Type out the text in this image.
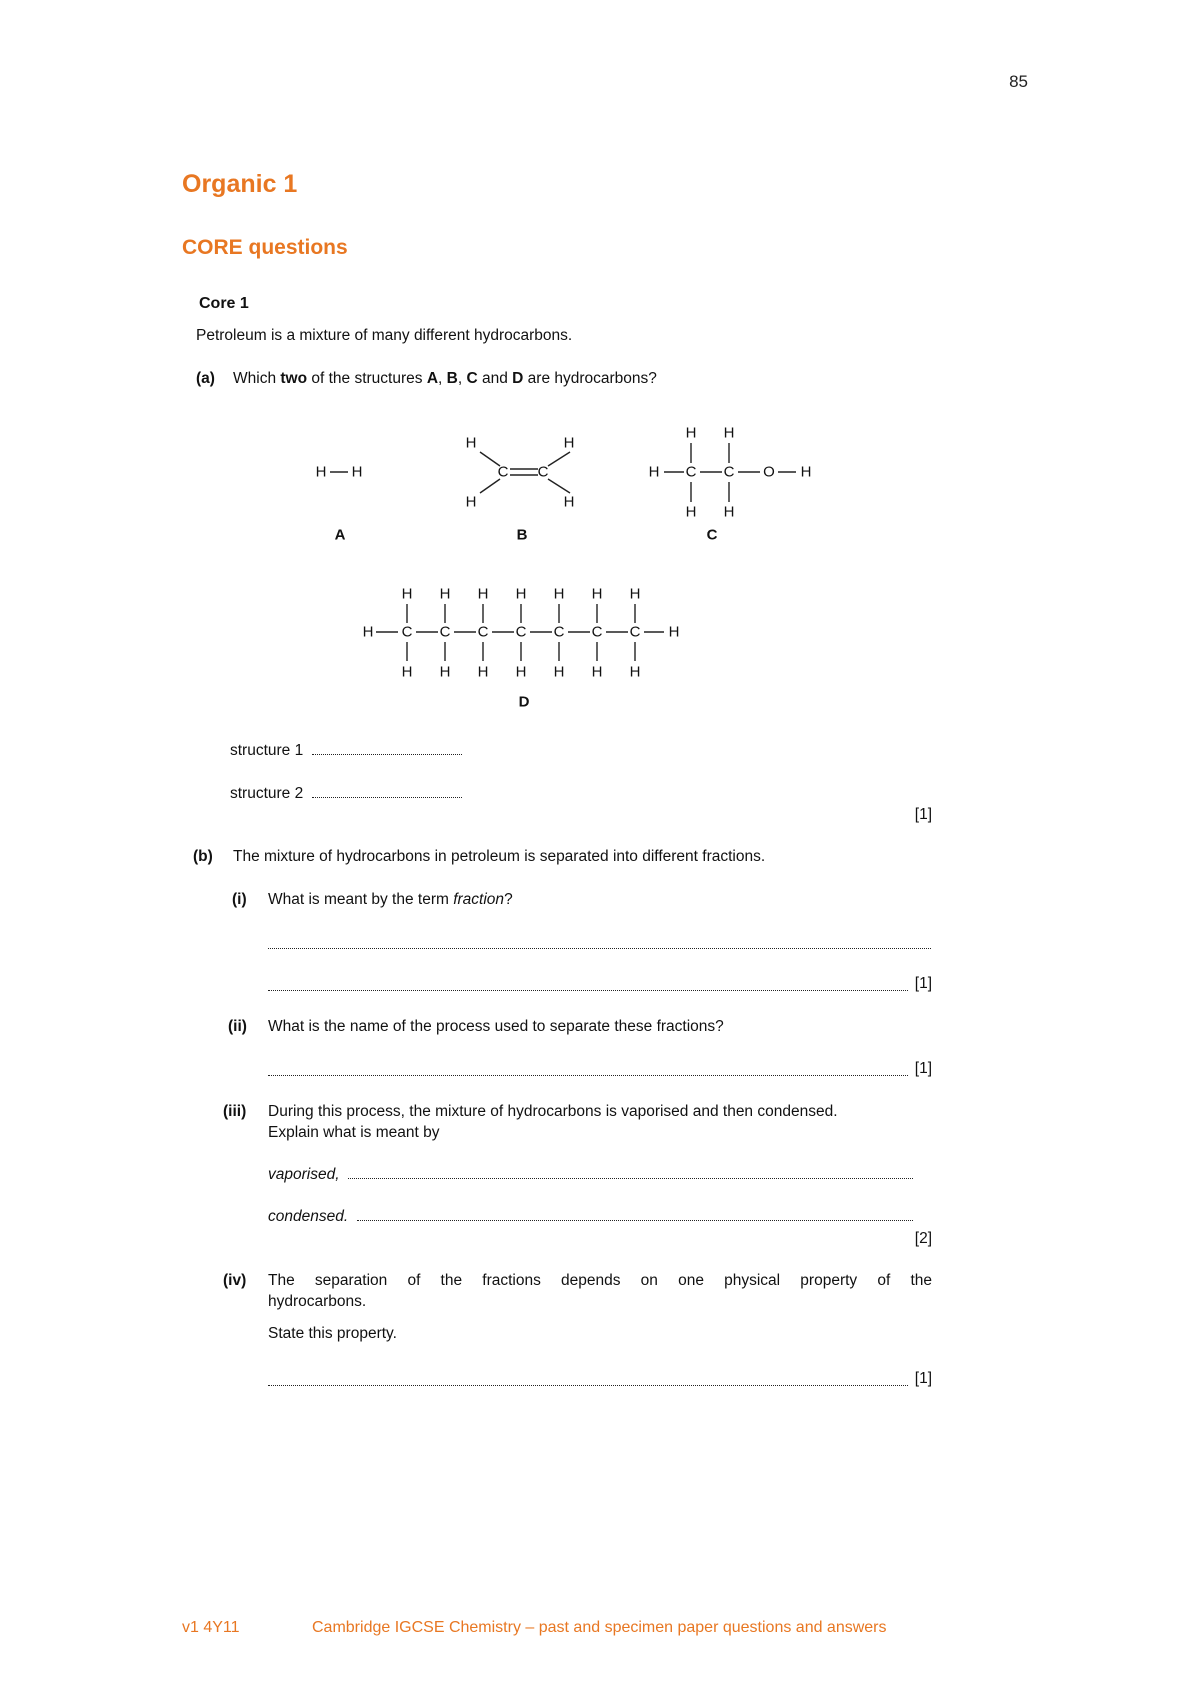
85
Organic 1
CORE questions
Core 1
Petroleum is a mixture of many different hydrocarbons.
(a) Which two of the structures A, B, C and D are hydrocarbons?
H H
H	H
H	H
C C	H C C O H
H H
H H
H C C C C C C C H
H H H H H H H
H H H H H H H
A	B	C
D
structure 1
structure 2
[1]
(b) The mixture of hydrocarbons in petroleum is separated into different fractions.
(i) What is meant by the term fraction?
[1]
(ii) What is the name of the process used to separate these fractions?
[1]
(iii) During this process, the mixture of hydrocarbons is vaporised and then condensed.
Explain what is meant by
vaporised,
condensed.
[2]
(iv) The separation of the fractions depends on one physical property of the
hydrocarbons.
State this property.
[1]
v1 4Y11	Cambridge IGCSE Chemistry – past and specimen paper questions and answers
